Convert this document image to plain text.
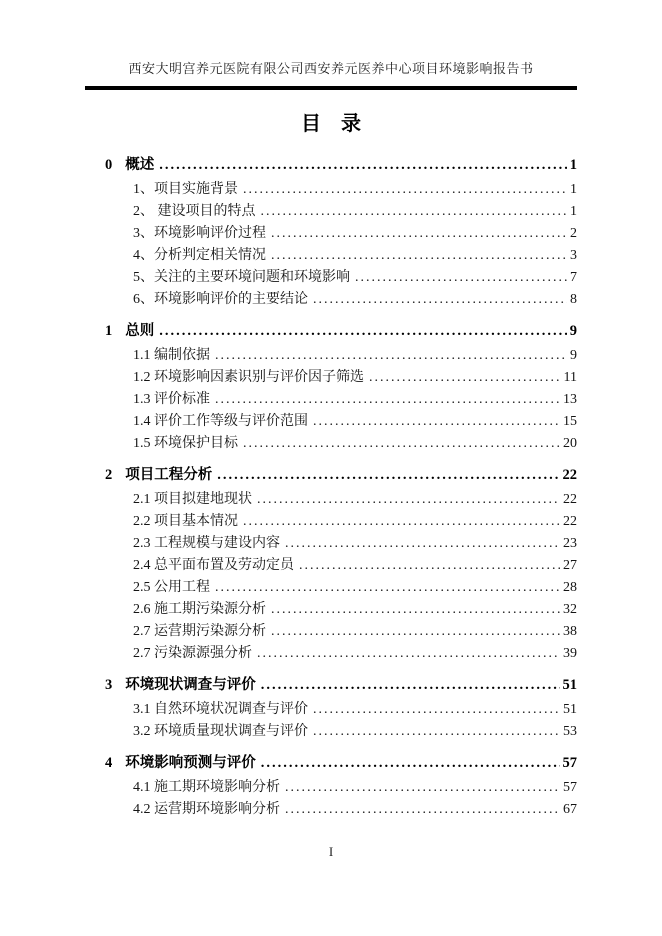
西安大明宫养元医院有限公司西安养元医养中心项目环境影响报告书
目　录
0 概述 .....	1
1、项目实施背景 .....	1
2、 建设项目的特点 .....	1
3、环境影响评价过程 .....	2
4、分析判定相关情况 .....	3
5、关注的主要环境问题和环境影响 .....	7
6、环境影响评价的主要结论 .....	8
1 总则 .....	9
1.1 编制依据 .....	9
1.2 环境影响因素识别与评价因子筛选 .....	11
1.3 评价标准 .....	13
1.4 评价工作等级与评价范围 .....	15
1.5 环境保护目标 .....	20
2 项目工程分析 .....	22
2.1 项目拟建地现状 .....	22
2.2 项目基本情况 .....	22
2.3 工程规模与建设内容 .....	23
2.4 总平面布置及劳动定员 .....	27
2.5 公用工程 .....	28
2.6 施工期污染源分析 .....	32
2.7 运营期污染源分析 .....	38
2.7 污染源源强分析 .....	39
3 环境现状调查与评价 .....	51
3.1 自然环境状况调查与评价 .....	51
3.2 环境质量现状调查与评价 .....	53
4 环境影响预测与评价 .....	57
4.1 施工期环境影响分析 .....	57
4.2 运营期环境影响分析 .....	67
I
